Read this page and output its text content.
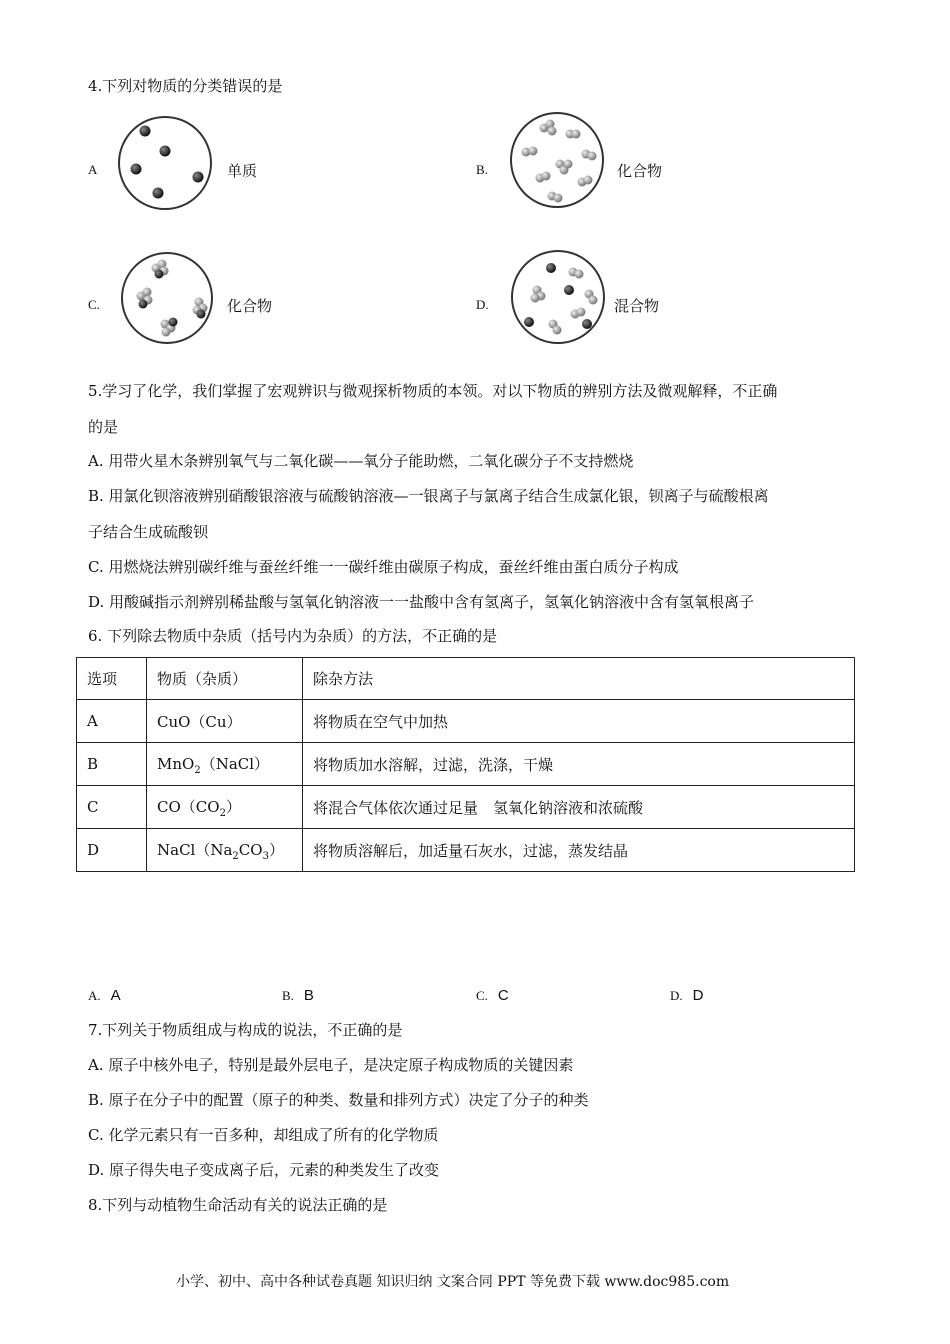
4.下列对物质的分类错误的是
A	单质	B.	化合物
C.	化合物	D.	混合物
5.学习了化学，我们掌握了宏观辨识与微观探析物质的本领。对以下物质的辨别方法及微观解释，不正确
的是
A. 用带火星木条辨别氧气与二氧化碳——氧分子能助燃，二氧化碳分子不支持燃烧
B. 用氯化钡溶液辨别硝酸银溶液与硫酸钠溶液—一银离子与氯离子结合生成氯化银，钡离子与硫酸根离
子结合生成硫酸钡
C. 用燃烧法辨别碳纤维与蚕丝纤维一一碳纤维由碳原子构成，蚕丝纤维由蛋白质分子构成
D. 用酸碱指示剂辨别稀盐酸与氢氧化钠溶液一一盐酸中含有氢离子，氢氧化钠溶液中含有氢氧根离子
6. 下列除去物质中杂质（括号内为杂质）的方法，不正确的是
选项	物质（杂质）	除杂方法
A	CuO（Cu）	将物质在空气中加热
B	MnO$_2$（NaCl）	将物质加水溶解，过滤，洗涤，干燥
C	$CO(CO_2)$	将混合气体依次通过足量　氢氧化钠溶液和浓硫酸
D	$NaCl(Na_2CO_3)$	将物质溶解后，加适量石灰水，过滤，蒸发结晶
A. A	B. B	C. C	D. D
7.下列关于物质组成与构成的说法，不正确的是
A. 原子中核外电子，特别是最外层电子，是决定原子构成物质的关键因素
B. 原子在分子中的配置（原子的种类、数量和排列方式）决定了分子的种类
C. 化学元素只有一百多种，却组成了所有的化学物质
D. 原子得失电子变成离子后，元素的种类发生了改变
8.下列与动植物生命活动有关的说法正确的是
小学、初中、高中各种试卷真题 知识归纳 文案合同 PPT 等免费下载 www.doc985.com
